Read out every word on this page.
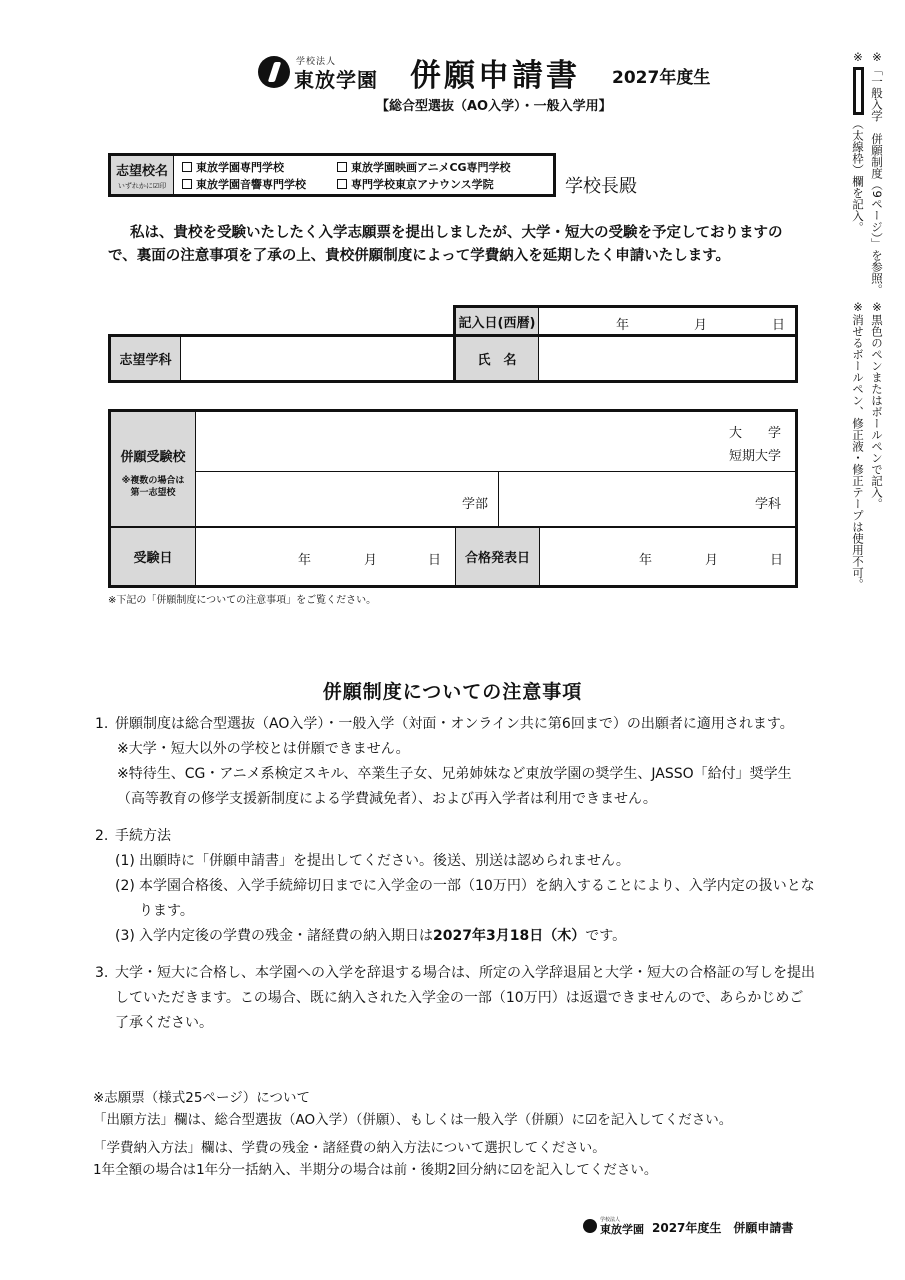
学校法人
東放学園 併願申請書 2027年度生
【総合型選抜（AO入学）・一般入学用】
志望校名
いずれかに☑印
東放学園専門学校	東放学園映画アニメCG専門学校
東放学園音響専門学校	専門学校東京アナウンス学院	学校長殿
私は、貴校を受験いたしたく入学志願票を提出しましたが、大学・短大の受験を予定しておりますので、裏面の注意事項を了承の上、貴校併願制度によって学費納入を延期したく申請いたします。
記入日(西暦)	年	月	日
志望学科	氏　名
併願受験校
※複数の場合は第一志望校
大　　学
短期大学
学部	学科
受験日	年	月	日	合格発表日	年	月	日
※下記の「併願制度についての注意事項」をご覧ください。
併願制度についての注意事項
1. 併願制度は総合型選抜（AO入学）・一般入学（対面・オンライン共に第6回まで）の出願者に適用されます。
※大学・短大以外の学校とは併願できません。
※特待生、CG・アニメ系検定スキル、卒業生子女、兄弟姉妹など東放学園の奨学生、JASSO「給付」奨学生（高等教育の修学支援新制度による学費減免者）、および再入学者は利用できません。
2. 手続方法
(1) 出願時に「併願申請書」を提出してください。後送、別送は認められません。
(2) 本学園合格後、入学手続締切日までに入学金の一部（10万円）を納入することにより、入学内定の扱いとなります。
(3) 入学内定後の学費の残金・諸経費の納入期日は2027年3月18日（木）です。
3. 大学・短大に合格し、本学園への入学を辞退する場合は、所定の入学辞退届と大学・短大の合格証の写しを提出していただきます。この場合、既に納入された入学金の一部（10万円）は返還できませんので、あらかじめご了承ください。
※志願票（様式25ページ）について
「出願方法」欄は、総合型選抜（AO入学）（併願）、もしくは一般入学（併願）に☑を記入してください。
「学費納入方法」欄は、学費の残金・諸経費の納入方法について選択してください。
1年全額の場合は1年分一括納入、半期分の場合は前・後期2回分納に☑を記入してください。
学校法人
東放学園 2027年度生　併願申請書
※「一般入学　併願制度（9ページ）」を参照。
※（太線枠）欄を記入。
※黒色のペンまたはボールペンで記入。
※消せるボールペン、修正液・修正テープは使用不可。
